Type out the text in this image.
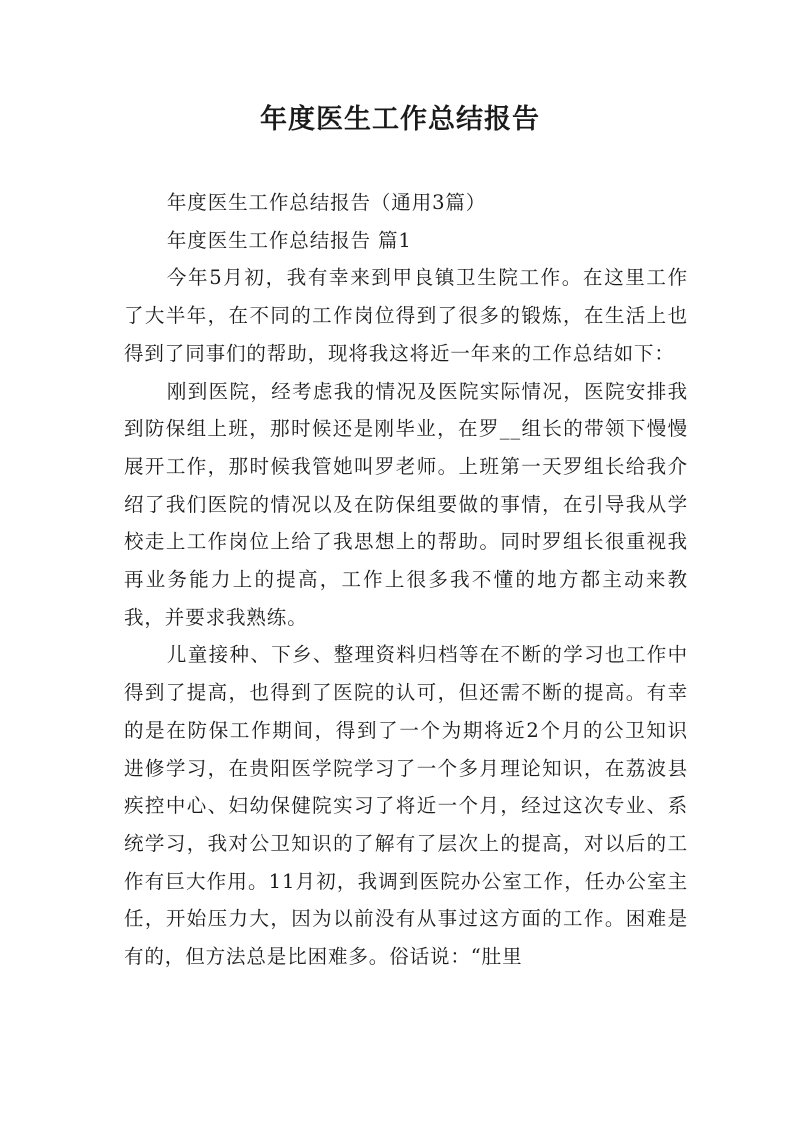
年度医生工作总结报告

年度医生工作总结报告（通用3篇）

年度医生工作总结报告 篇1

今年5月初，我有幸来到甲良镇卫生院工作。在这里工作了大半年，在不同的工作岗位得到了很多的锻炼，在生活上也得到了同事们的帮助，现将我这将近一年来的工作总结如下：

刚到医院，经考虑我的情况及医院实际情况，医院安排我到防保组上班，那时候还是刚毕业，在罗__组长的带领下慢慢展开工作，那时候我管她叫罗老师。上班第一天罗组长给我介绍了我们医院的情况以及在防保组要做的事情，在引导我从学校走上工作岗位上给了我思想上的帮助。同时罗组长很重视我再业务能力上的提高，工作上很多我不懂的地方都主动来教我，并要求我熟练。

儿童接种、下乡、整理资料归档等在不断的学习也工作中得到了提高，也得到了医院的认可，但还需不断的提高。有幸的是在防保工作期间，得到了一个为期将近2个月的公卫知识进修学习，在贵阳医学院学习了一个多月理论知识，在荔波县疾控中心、妇幼保健院实习了将近一个月，经过这次专业、系统学习，我对公卫知识的了解有了层次上的提高，对以后的工作有巨大作用。11月初，我调到医院办公室工作，任办公室主任，开始压力大，因为以前没有从事过这方面的工作。困难是有的，但方法总是比困难多。俗话说：“肚里
